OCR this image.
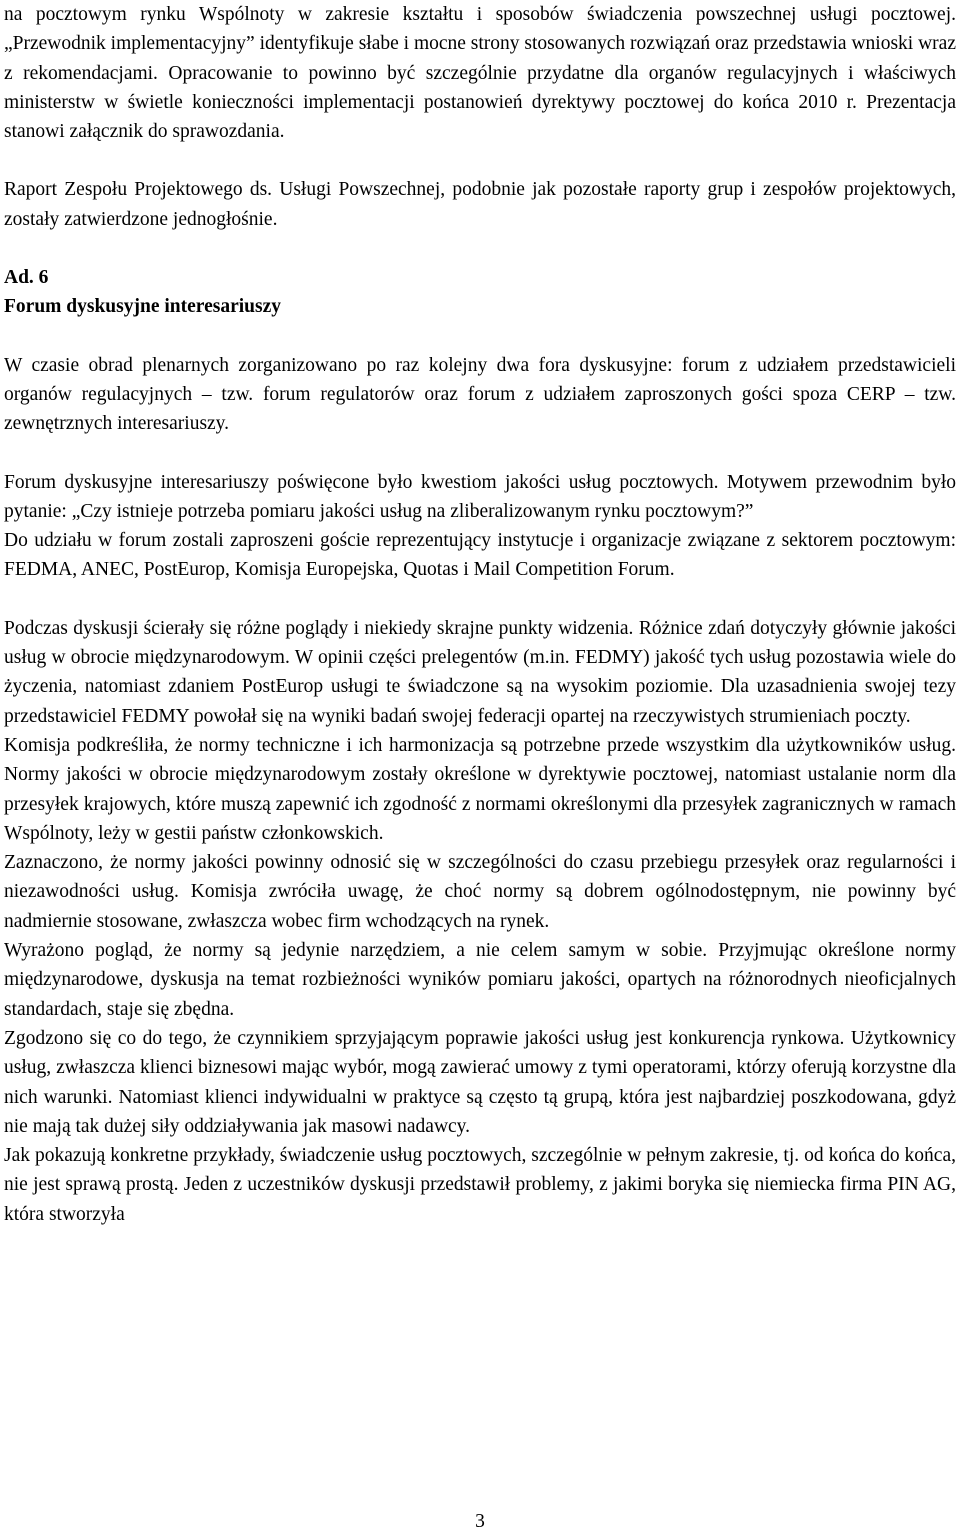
na pocztowym rynku Wspólnoty w zakresie kształtu i sposobów świadczenia powszechnej usługi pocztowej. „Przewodnik implementacyjny” identyfikuje słabe i mocne strony stosowanych rozwiązań oraz przedstawia wnioski wraz z rekomendacjami. Opracowanie to powinno być szczególnie przydatne dla organów regulacyjnych i właściwych ministerstw w świetle konieczności implementacji postanowień dyrektywy pocztowej do końca 2010 r. Prezentacja stanowi załącznik do sprawozdania.

Raport Zespołu Projektowego ds. Usługi Powszechnej, podobnie jak pozostałe raporty grup i zespołów projektowych, zostały zatwierdzone jednogłośnie.

Ad. 6
Forum dyskusyjne interesariuszy

W czasie obrad plenarnych zorganizowano po raz kolejny dwa fora dyskusyjne: forum z udziałem przedstawicieli organów regulacyjnych – tzw. forum regulatorów oraz forum z udziałem zaproszonych gości spoza CERP – tzw. zewnętrznych interesariuszy.

Forum dyskusyjne interesariuszy poświęcone było kwestiom jakości usług pocztowych. Motywem przewodnim było pytanie: „Czy istnieje potrzeba pomiaru jakości usług na zliberalizowanym rynku pocztowym?”

Do udziału w forum zostali zaproszeni goście reprezentujący instytucje i organizacje związane z sektorem pocztowym: FEDMA, ANEC, PostEurop, Komisja Europejska, Quotas i Mail Competition Forum.

Podczas dyskusji ścierały się różne poglądy i niekiedy skrajne punkty widzenia. Różnice zdań dotyczyły głównie jakości usług w obrocie międzynarodowym. W opinii części prelegentów (m.in. FEDMY) jakość tych usług pozostawia wiele do życzenia, natomiast zdaniem PostEurop usługi te świadczone są na wysokim poziomie. Dla uzasadnienia swojej tezy przedstawiciel FEDMY powołał się na wyniki badań swojej federacji opartej na rzeczywistych strumieniach poczty.

Komisja podkreśliła, że normy techniczne i ich harmonizacja są potrzebne przede wszystkim dla użytkowników usług. Normy jakości w obrocie międzynarodowym zostały określone w dyrektywie pocztowej, natomiast ustalanie norm dla przesyłek krajowych, które muszą zapewnić ich zgodność z normami określonymi dla przesyłek zagranicznych w ramach Wspólnoty, leży w gestii państw członkowskich.

Zaznaczono, że normy jakości powinny odnosić się w szczególności do czasu przebiegu przesyłek oraz regularności i niezawodności usług. Komisja zwróciła uwagę, że choć normy są dobrem ogólnodostępnym, nie powinny być nadmiernie stosowane, zwłaszcza wobec firm wchodzących na rynek.

Wyrażono pogląd, że normy są jedynie narzędziem, a nie celem samym w sobie. Przyjmując określone normy międzynarodowe, dyskusja na temat rozbieżności wyników pomiaru jakości, opartych na różnorodnych nieoficjalnych standardach, staje się zbędna.

Zgodzono się co do tego, że czynnikiem sprzyjającym poprawie jakości usług jest konkurencja rynkowa. Użytkownicy usług, zwłaszcza klienci biznesowi mając wybór, mogą zawierać umowy z tymi operatorami, którzy oferują korzystne dla nich warunki. Natomiast klienci indywidualni w praktyce są często tą grupą, która jest najbardziej poszkodowana, gdyż nie mają tak dużej siły oddziaływania jak masowi nadawcy.

Jak pokazują konkretne przykłady, świadczenie usług pocztowych, szczególnie w pełnym zakresie, tj. od końca do końca, nie jest sprawą prostą. Jeden z uczestników dyskusji przedstawił problemy, z jakimi boryka się niemiecka firma PIN AG, która stworzyła

3
